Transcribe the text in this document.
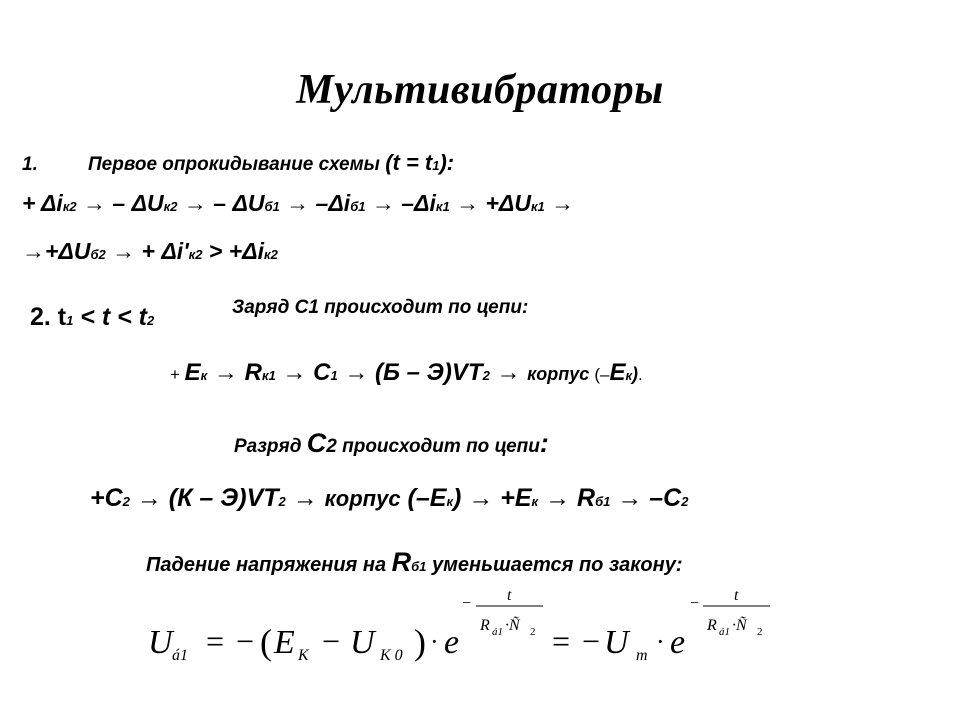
Мультивибраторы
1.	Первое опрокидывание схемы (t = t1):
+ Δiк2 → – ΔUк2 → – ΔUб1 → –Δiб1 → –Δiк1 → +ΔUк1 →
→+ΔUб2 → + Δi'к2 > +Δiк2
2. t1 < t < t2
Заряд С1 происходит по цепи:
+ Eк → Rк1 → C1 → (Б – Э)VT2 → корпус (–Eк).
Разряд C2 происходит по цепи:
+C2 → (К – Э)VT2 → корпус (–Eк) → +Eк → Rб1 → –C2
Падение напряжения на Rб1 уменьшается по закону:
U á1 = − ( E K − U K 0 ) · e
− t
R á1 ·Ñ 2 = − U m · e
− t
R á1 ·Ñ 2
